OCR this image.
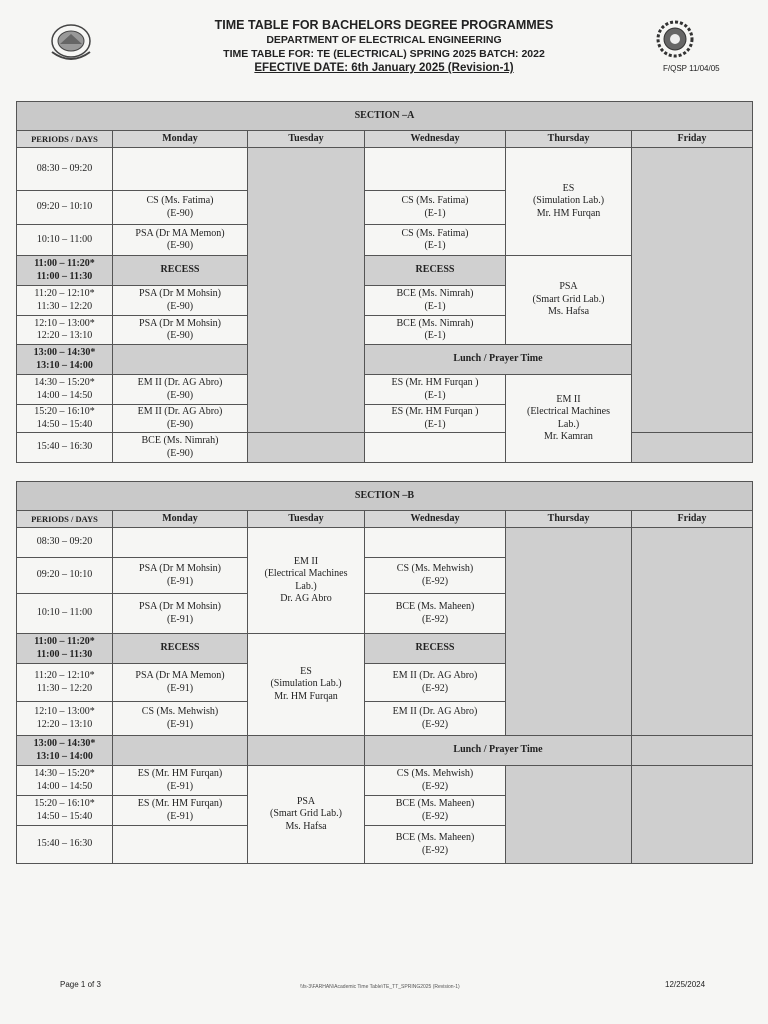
F/QSP 11/04/05
TIME TABLE FOR BACHELORS DEGREE PROGRAMMES
DEPARTMENT OF ELECTRICAL ENGINEERING
TIME TABLE FOR: TE (ELECTRICAL) SPRING 2025 BATCH: 2022
EFECTIVE DATE: 6th January 2025 (Revision-1)
SECTION –A					
PERIODS / DAYS	Monday	Tuesday	Wednesday	Thursday	Friday
08:30 – 09:20				ES
(Simulation Lab.)
Mr. HM Furqan	

09:20 – 10:10	CS (Ms. Fatima)
(E-90)		CS (Ms. Fatima)
(E-1)		

10:10 – 11:00	PSA (Dr MA Memon)
(E-90)		CS (Ms. Fatima)
(E-1)		

11:00 – 11:20*
11:00 – 11:30	RECESS		RECESS	PSA
(Smart Grid Lab.)
Ms. Hafsa	

11:20 – 12:10*
11:30 – 12:20	PSA (Dr M Mohsin)
(E-90)		BCE (Ms. Nimrah)
(E-1)		

12:10 – 13:00*
12:20 – 13:10	PSA (Dr M Mohsin)
(E-90)		BCE (Ms. Nimrah)
(E-1)		

13:00 – 14:30*
13:10 – 14:00			Lunch / Prayer Time		

14:30 – 15:20*
14:00 – 14:50	EM II (Dr. AG Abro)
(E-90)		ES (Mr. HM Furqan )
(E-1)	EM II
(Electrical Machines
Lab.)
Mr. Kamran	

15:20 – 16:10*
14:50 – 15:40	EM II (Dr. AG Abro)
(E-90)		ES (Mr. HM Furqan )
(E-1)		

15:40 – 16:30	BCE (Ms. Nimrah)
(E-90)				

SECTION –B					
PERIODS / DAYS	Monday	Tuesday	Wednesday	Thursday	Friday
08:30 – 09:20		EM II
(Electrical Machines
Lab.)
Dr. AG Abro			

09:20 – 10:10	PSA (Dr M Mohsin)
(E-91)		CS (Ms. Mehwish)
(E-92)		

10:10 – 11:00	PSA (Dr M Mohsin)
(E-91)		BCE (Ms. Maheen)
(E-92)		

11:00 – 11:20*
11:00 – 11:30	RECESS	ES
(Simulation Lab.)
Mr. HM Furqan	RECESS		

11:20 – 12:10*
11:30 – 12:20	PSA (Dr MA Memon)
(E-91)		EM II (Dr. AG Abro)
(E-92)		

12:10 – 13:00*
12:20 – 13:10	CS (Ms. Mehwish)
(E-91)		EM II (Dr. AG Abro)
(E-92)		

13:00 – 14:30*
13:10 – 14:00			Lunch / Prayer Time		

14:30 – 15:20*
14:00 – 14:50	ES (Mr. HM Furqan)
(E-91)	PSA
(Smart Grid Lab.)
Ms. Hafsa	CS (Ms. Mehwish)
(E-92)		

15:20 – 16:10*
14:50 – 15:40	ES (Mr. HM Furqan)
(E-91)		BCE (Ms. Maheen)
(E-92)		

15:40 – 16:30			BCE (Ms. Maheen)
(E-92)		
Page 1 of 3	\\fs-3\FARHAN\Academic Time Table\TE_TT_SPRING2025 (Revision-1)	12/25/2024
